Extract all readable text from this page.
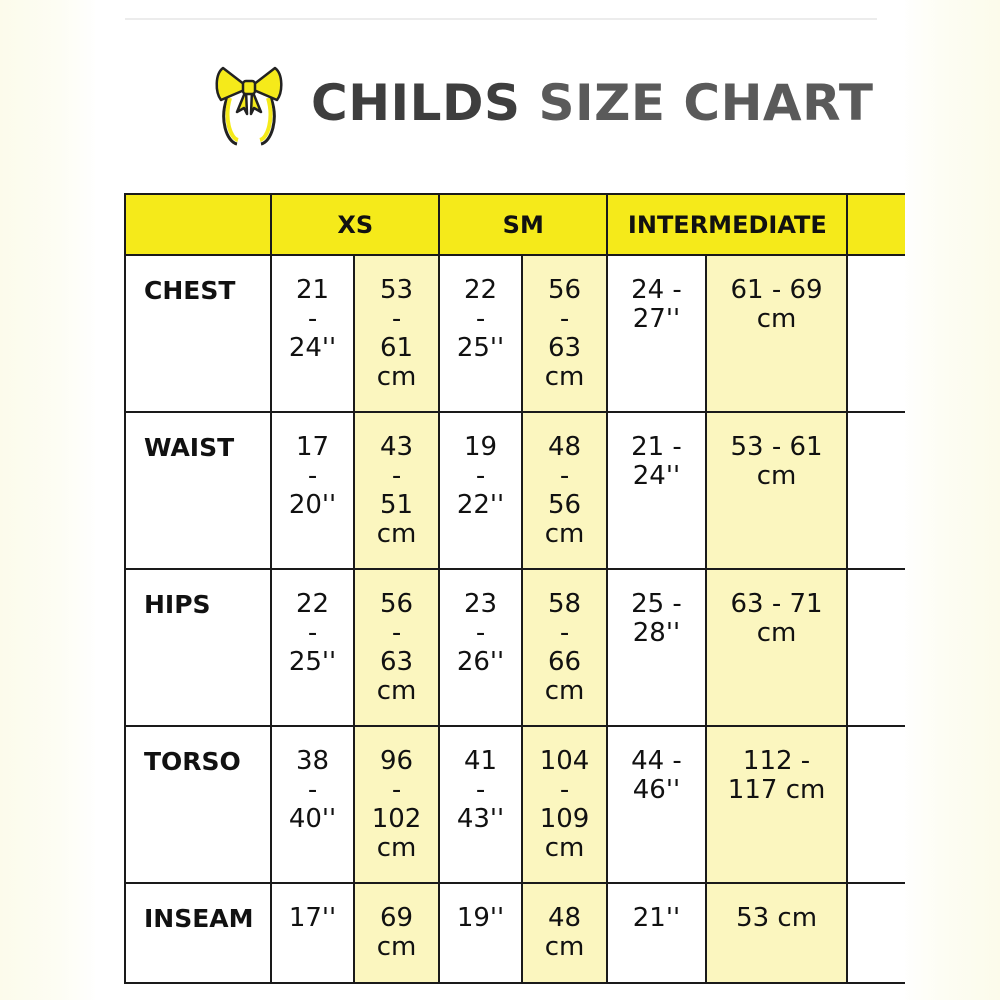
CHILDS SIZE CHART
	XS		SM		INTERMEDIATE		
CHEST	21
-
24''	53
-
61
cm	22
-
25''	56
-
63
cm	24 -
27''	61 - 69
cm	
WAIST	17
-
20''	43
-
51
cm	19
-
22''	48
-
56
cm	21 -
24''	53 - 61
cm	
HIPS	22
-
25''	56
-
63
cm	23
-
26''	58
-
66
cm	25 -
28''	63 - 71
cm	
TORSO	38
-
40''	96
-
102
cm	41
-
43''	104
-
109
cm	44 -
46''	112 -
117 cm	
INSEAM	17''	69
cm	19''	48
cm	21''	53 cm	
